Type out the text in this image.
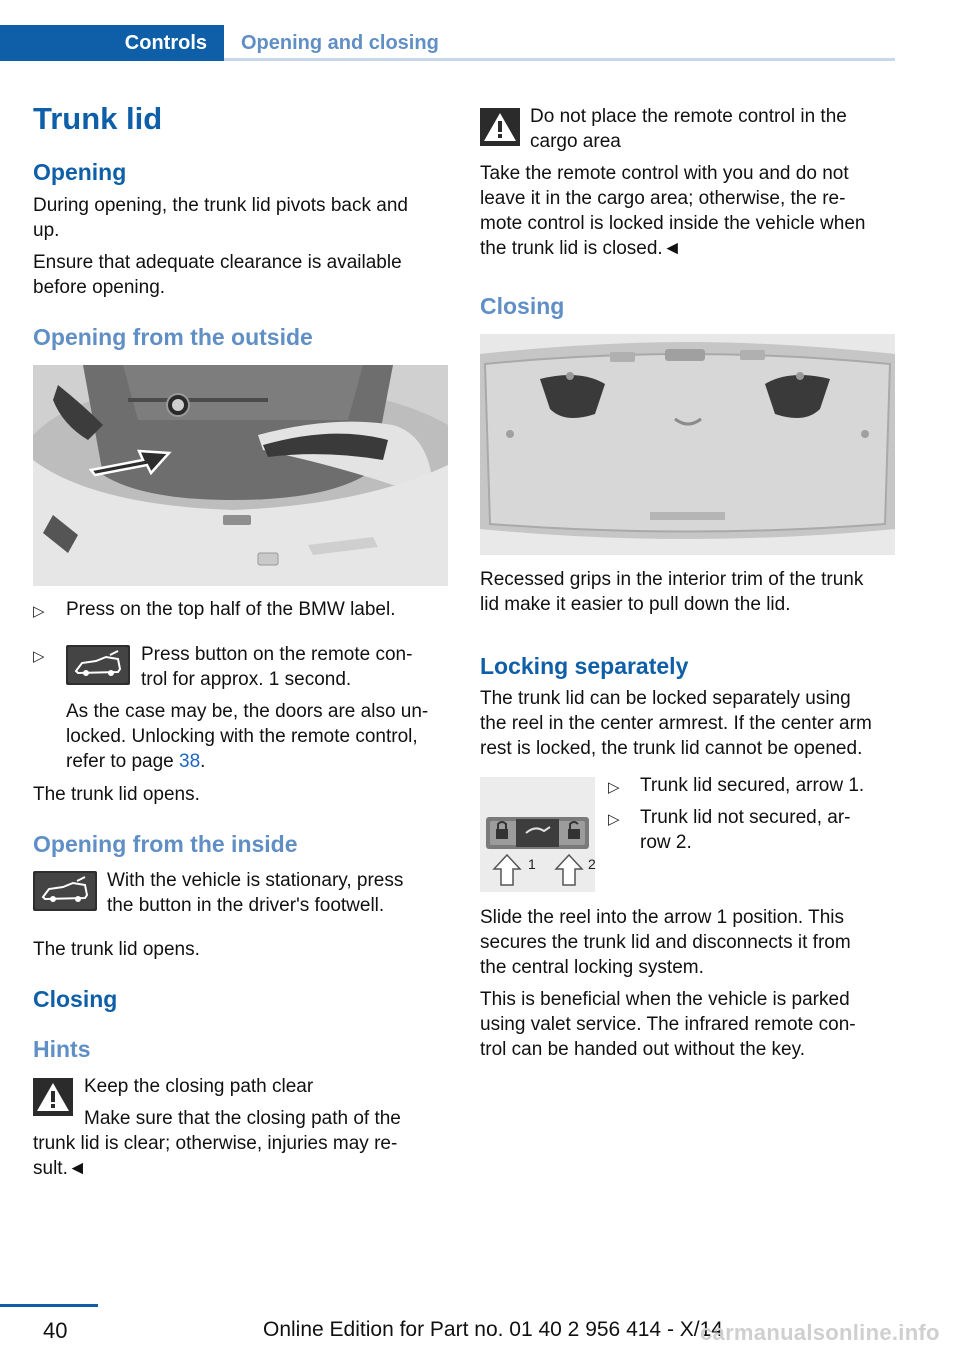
Controls	Opening and closing
Trunk lid
Opening
During opening, the trunk lid pivots back and
up.
Ensure that adequate clearance is available
before opening.
Opening from the outside
▷ Press on the top half of the BMW label.
▷	Press button on the remote con‐
trol for approx. 1 second.
As the case may be, the doors are also un‐
locked. Unlocking with the remote control,
refer to page 38.
The trunk lid opens.
Opening from the inside
With the vehicle is stationary, press
the button in the driver's footwell.
The trunk lid opens.
Closing
Hints
Keep the closing path clear
Make sure that the closing path of the
trunk lid is clear; otherwise, injuries may re‐
sult.◄
Do not place the remote control in the
cargo area
Take the remote control with you and do not
leave it in the cargo area; otherwise, the re‐
mote control is locked inside the vehicle when
the trunk lid is closed.◄
Closing
Recessed grips in the interior trim of the trunk
lid make it easier to pull down the lid.
Locking separately
The trunk lid can be locked separately using
the reel in the center armrest. If the center arm
rest is locked, the trunk lid cannot be opened.
1	2
▷ Trunk lid secured, arrow 1.
▷ Trunk lid not secured, ar‐
row 2.
Slide the reel into the arrow 1 position. This
secures the trunk lid and disconnects it from
the central locking system.
This is beneficial when the vehicle is parked
using valet service. The infrared remote con‐
trol can be handed out without the key.
40	Online Edition for Part no. 01 40 2 956 414 - X/14
carmanualsonline.info
